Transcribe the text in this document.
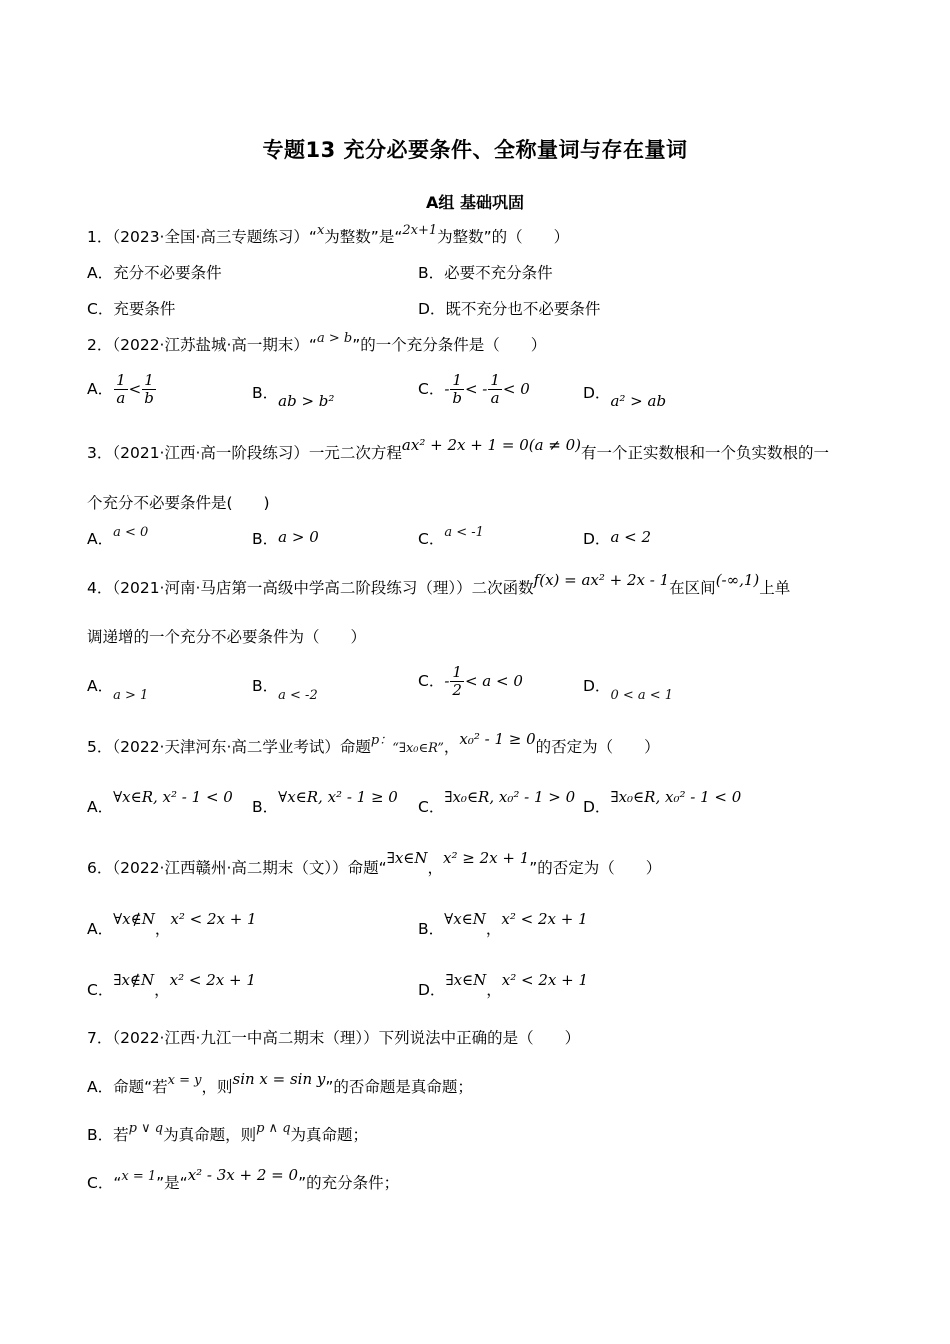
专题13 充分必要条件、全称量词与存在量词
A组 基础巩固
1．（2023·全国·高三专题练习）“$^x$为整数”是“$^{2x+1}$为整数”的（　　）
A．充分不必要条件	B．必要不充分条件
C．充要条件	D．既不充分也不必要条件
2．（2022·江苏盐城·高一期末）“$^{a > b}$”的一个充分条件是（　　）
A． $\frac{1}{a} < \frac{1}{b}$	B．ab > b²
C．- $\frac{1}{b}$ < - $\frac{1}{a} < 0$	D．a² > ab
3．（2021·江西·高一阶段练习）一元二次方程ax² + 2x + 1 = 0(a ≠ 0)有一个正实数根和一个负实数根的一
个充分不必要条件是(　　)
A．$^{a < 0}$	B．a > 0	C．$^{a < -1}$	D．a < 2
4．（2021·河南·马店第一高级中学高二阶段练习（理））二次函数f(x) = ax² + 2x - 1在区间(-∞,1)上单
调递增的一个充分不必要条件为（　　）
A．$_{a > 1}$
B．$_{a < -2}$
C．- $\frac{1}{2} < a < 0$	D．$_{0 < a < 1}$
5．（2022·天津河东·高二学业考试）命题$^{p:}$“∃x₀∈R”，x₀² - 1 ≥ 0的否定为（　　）
A．∀x∈R, x² - 1 < 0
B．∀x∈R, x² - 1 ≥ 0
C．∃x₀∈R, x₀² - 1 > 0
D．∃x₀∈R, x₀² - 1 < 0
6．（2022·江西赣州·高二期末（文））命题“∃x∈N，x² ≥ 2x + 1”的否定为（　　）
A．∀x∉N，x² < 2x + 1
B．∀x∈N，x² < 2x + 1
C．∃x∉N，x² < 2x + 1
D．∃x∈N，x² < 2x + 1
7．（2022·江西·九江一中高二期末（理））下列说法中正确的是（　　）
A．命题“若$^{x = y}$，则sin x = sin y”的否命题是真命题；
B．若$^{p \vee q}$为真命题，则$^{p \wedge q}$为真命题；
C．“$^{x = 1}$”是“x² - 3x + 2 = 0”的充分条件；
